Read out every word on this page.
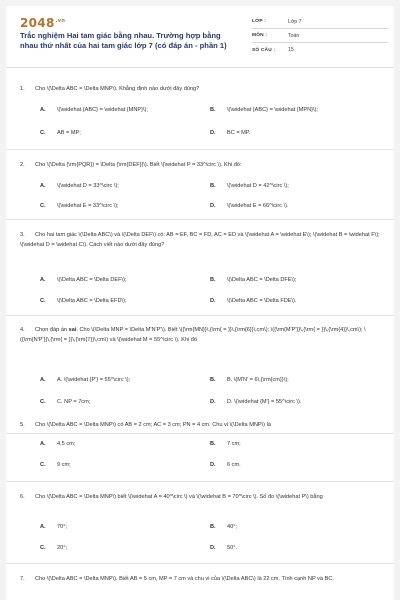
$2048^{.vn}$
Trắc nghiệm Hai tam giác bằng nhau. Trường hợp bằng nhau thứ nhất của hai tam giác lớp 7 (có đáp án - phần 1)
LỚP :	Lớp 7
MÔN :	Toán
SỐ CÂU :	15
1. Cho \(\Delta ABC = \Delta MNP\). Khẳng định nào dưới đây đúng?
A. \(\widehat {ABC} = \widehat {MNP}\);	B. \(\widehat {ABC} = \widehat {MPN}\);
C. AB = MP;	D. BC = MP.
2. Cho \(\Delta {\rm{PQR}} = \Delta {\rm{DEF}}\). Biết \(\widehat P = 33^\circ \). Khi đó:
A. \(\widehat D = 33^\circ \);	B. \(\widehat D = 42^\circ \);
C. \(\widehat E = 33^\circ \);	D. \(\widehat E = 66^\circ \).
3. Cho hai tam giác \(\Delta ABC\) và \(\Delta DEF\) có: AB = EF, BC = FD, AC = ED và \(\widehat A = \widehat E\); \(\widehat B = \widehat F\); \(\widehat D = \widehat C\). Cách viết nào dưới đây đúng?
A. \(\Delta ABC = \Delta DEF\);	B. \(\Delta ABC = \Delta DFE\);
C. \(\Delta ABC = \Delta EFD\);	D. \(\Delta ABC = \Delta FDE\).
4. Chọn đáp án sai. Cho \(\Delta MNP = \Delta M'N'P'\). Biết \({\rm{MN}}\,{\rm{ = }}\,{\rm{6}}\,cm\); \({\rm{M'P'}}\,{\rm{ = }}\,{\rm{4}}\,cm\); \({\rm{N'P'}}\,{\rm{ = }}\,{\rm{7}}\,cm\) và \(\widehat M = 55^\circ \). Khi đó
A. A. \(\widehat {P'} = 55^\circ \);	B. B. \(M'N' = 6\,{\rm{cm}}\);
C. C. NP = 7cm;	D. D. \(\widehat {M'} = 55^\circ \).
5. Cho \(\Delta ABC = \Delta MNP\) có AB = 2 cm; AC = 3 cm; PN = 4 cm. Chu vi \(\Delta MNP\) là
A. 4,5 cm;	B. 7 cm;
C. 9 cm;	D. 6 cm.
6. Cho \(\Delta ABC = \Delta MNP\) biết \(\widehat A = 40^\circ \) và \(\widehat B = 70^\circ \). Số đo \(\widehat P\) bằng
A. 70°;	B. 40°;
C. 20°;	D. 50°.
7. Cho \(\Delta ABC = \Delta MNP\). Biết AB = 5 cm, MP = 7 cm và chu vi của \(\Delta ABC\) là 22 cm. Tính cạnh NP và BC.
